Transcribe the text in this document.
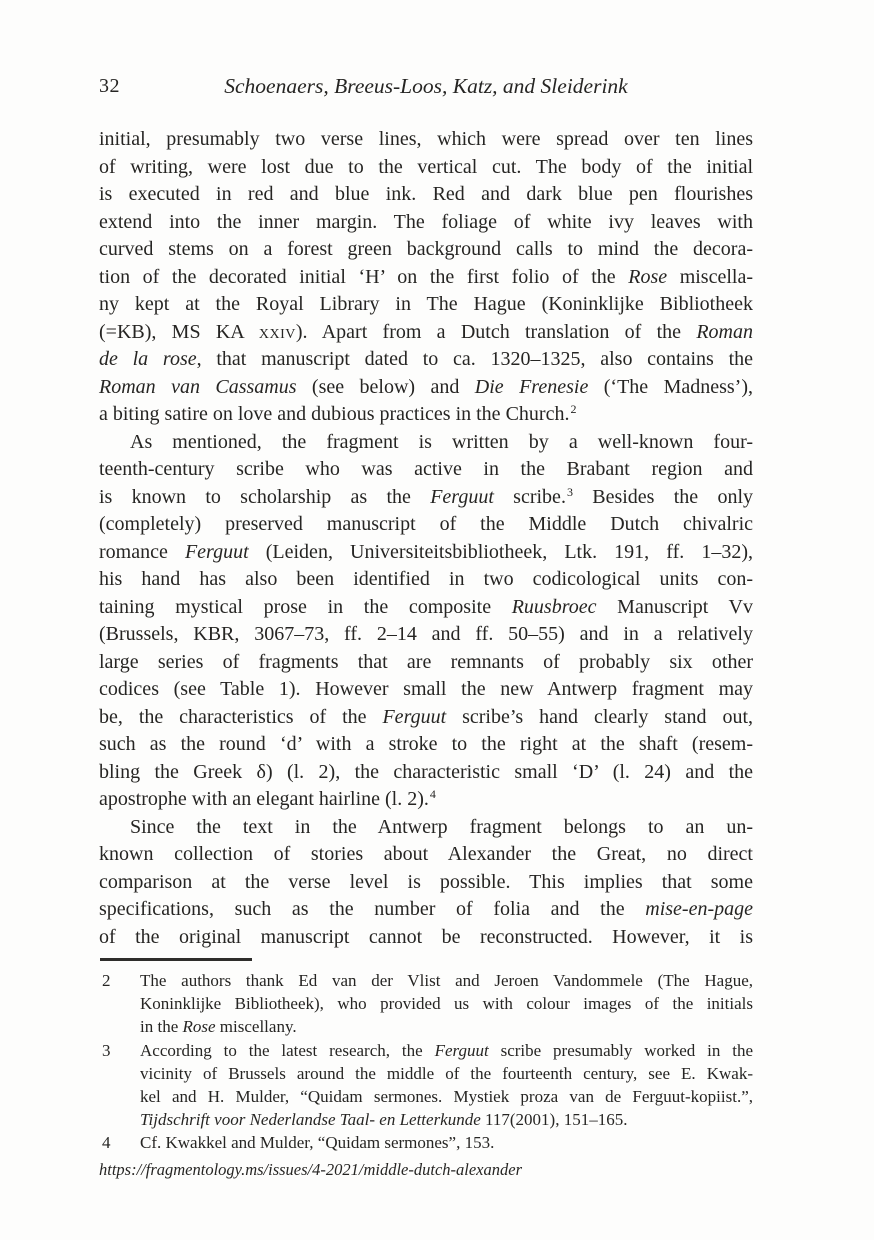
32	Schoenaers, Breeus-Loos, Katz, and Sleiderink
initial, presumably two verse lines, which were spread over ten lines
of writing, were lost due to the vertical cut. The body of the initial
is executed in red and blue ink. Red and dark blue pen flourishes
extend into the inner margin. The foliage of white ivy leaves with
curved stems on a forest green background calls to mind the decora-
tion of the decorated initial ‘H’ on the first folio of the Rose miscella-
ny kept at the Royal Library in The Hague (Koninklijke Bibliotheek
(=KB), MS KA xxiv). Apart from a Dutch translation of the Roman
de la rose, that manuscript dated to ca. 1320–1325, also contains the
Roman van Cassamus (see below) and Die Frenesie (‘The Madness’),
a biting satire on love and dubious practices in the Church.$^2$
As mentioned, the fragment is written by a well-known four-
teenth-century scribe who was active in the Brabant region and
is known to scholarship as the Ferguut scribe.$^3$ Besides the only
(completely) preserved manuscript of the Middle Dutch chivalric
romance Ferguut (Leiden, Universiteitsbibliotheek, Ltk. 191, ff. 1–32),
his hand has also been identified in two codicological units con-
taining mystical prose in the composite Ruusbroec Manuscript Vv
(Brussels, KBR, 3067–73, ff. 2–14 and ff. 50–55) and in a relatively
large series of fragments that are remnants of probably six other
codices (see Table 1). However small the new Antwerp fragment may
be, the characteristics of the Ferguut scribe’s hand clearly stand out,
such as the round ‘d’ with a stroke to the right at the shaft (resem-
bling the Greek δ) (l. 2), the characteristic small ‘D’ (l. 24) and the
apostrophe with an elegant hairline (l. 2).$^4$
Since the text in the Antwerp fragment belongs to an un-
known collection of stories about Alexander the Great, no direct
comparison at the verse level is possible. This implies that some
specifications, such as the number of folia and the mise-en-page
of the original manuscript cannot be reconstructed. However, it is
2	The authors thank Ed van der Vlist and Jeroen Vandommele (The Hague,
Koninklijke Bibliotheek), who provided us with colour images of the initials
in the Rose miscellany.
3	According to the latest research, the Ferguut scribe presumably worked in the
vicinity of Brussels around the middle of the fourteenth century, see E. Kwak-
kel and H. Mulder, “Quidam sermones. Mystiek proza van de Ferguut-kopiist.”,
Tijdschrift voor Nederlandse Taal- en Letterkunde 117(2001), 151–165.
4	Cf. Kwakkel and Mulder, “Quidam sermones”, 153.
https://fragmentology.ms/issues/4-2021/middle-dutch-alexander
